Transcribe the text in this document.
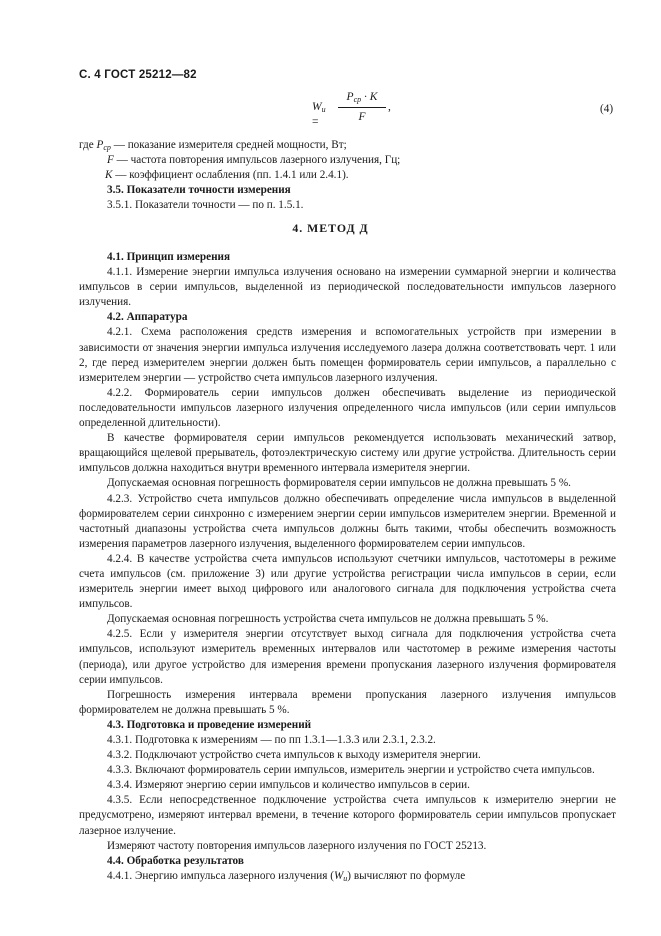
С. 4 ГОСТ 25212—82
$W_и$ =
$P_{ср} \cdot K$
F
,	(4)

где $P_{ср}$ — показание измерителя средней мощности, Вт;

F — частота повторения импульсов лазерного излучения, Гц;

K — коэффициент ослабления (пп. 1.4.1 или 2.4.1).

3.5. Показатели точности измерения

3.5.1. Показатели точности — по п. 1.5.1.

4. МЕТОД Д

4.1. Принцип измерения

4.1.1. Измерение энергии импульса излучения основано на измерении суммарной энергии и количества импульсов в серии импульсов, выделенной из периодической последовательности импульсов лазерного излучения.

4.2. Аппаратура

4.2.1. Схема расположения средств измерения и вспомогательных устройств при измерении в зависимости от значения энергии импульса излучения исследуемого лазера должна соответствовать черт. 1 или 2, где перед измерителем энергии должен быть помещен формирователь серии импульсов, а параллельно с измерителем энергии — устройство счета импульсов лазерного излучения.

4.2.2. Формирователь серии импульсов должен обеспечивать выделение из периодической последовательности импульсов лазерного излучения определенного числа импульсов (или серии импульсов определенной длительности).

В качестве формирователя серии импульсов рекомендуется использовать механический затвор, вращающийся щелевой прерыватель, фотоэлектрическую систему или другие устройства. Длительность серии импульсов должна находиться внутри временного интервала измерителя энергии.

Допускаемая основная погрешность формирователя серии импульсов не должна превышать 5 %.

4.2.3. Устройство счета импульсов должно обеспечивать определение числа импульсов в выделенной формирователем серии синхронно с измерением энергии серии импульсов измерителем энергии. Временной и частотный диапазоны устройства счета импульсов должны быть такими, чтобы обеспечить возможность измерения параметров лазерного излучения, выделенного формирователем серии импульсов.

4.2.4. В качестве устройства счета импульсов используют счетчики импульсов, частотомеры в режиме счета импульсов (см. приложение 3) или другие устройства регистрации числа импульсов в серии, если измеритель энергии имеет выход цифрового или аналогового сигнала для подключения устройства счета импульсов.

Допускаемая основная погрешность устройства счета импульсов не должна превышать 5 %.

4.2.5. Если у измерителя энергии отсутствует выход сигнала для подключения устройства счета импульсов, используют измеритель временных интервалов или частотомер в режиме измерения частоты (периода), или другое устройство для измерения времени пропускания лазерного излучения формирователя серии импульсов.

Погрешность измерения интервала времени пропускания лазерного излучения импульсов формирователем не должна превышать 5 %.

4.3. Подготовка и проведение измерений

4.3.1. Подготовка к измерениям — по пп 1.3.1—1.3.3 или 2.3.1, 2.3.2.

4.3.2. Подключают устройство счета импульсов к выходу измерителя энергии.

4.3.3. Включают формирователь серии импульсов, измеритель энергии и устройство счета импульсов.

4.3.4. Измеряют энергию серии импульсов и количество импульсов в серии.

4.3.5. Если непосредственное подключение устройства счета импульсов к измерителю энергии не предусмотрено, измеряют интервал времени, в течение которого формирователь серии импульсов пропускает лазерное излучение.

Измеряют частоту повторения импульсов лазерного излучения по ГОСТ 25213.

4.4. Обработка результатов

4.4.1. Энергию импульса лазерного излучения $(W_и)$ вычисляют по формуле
